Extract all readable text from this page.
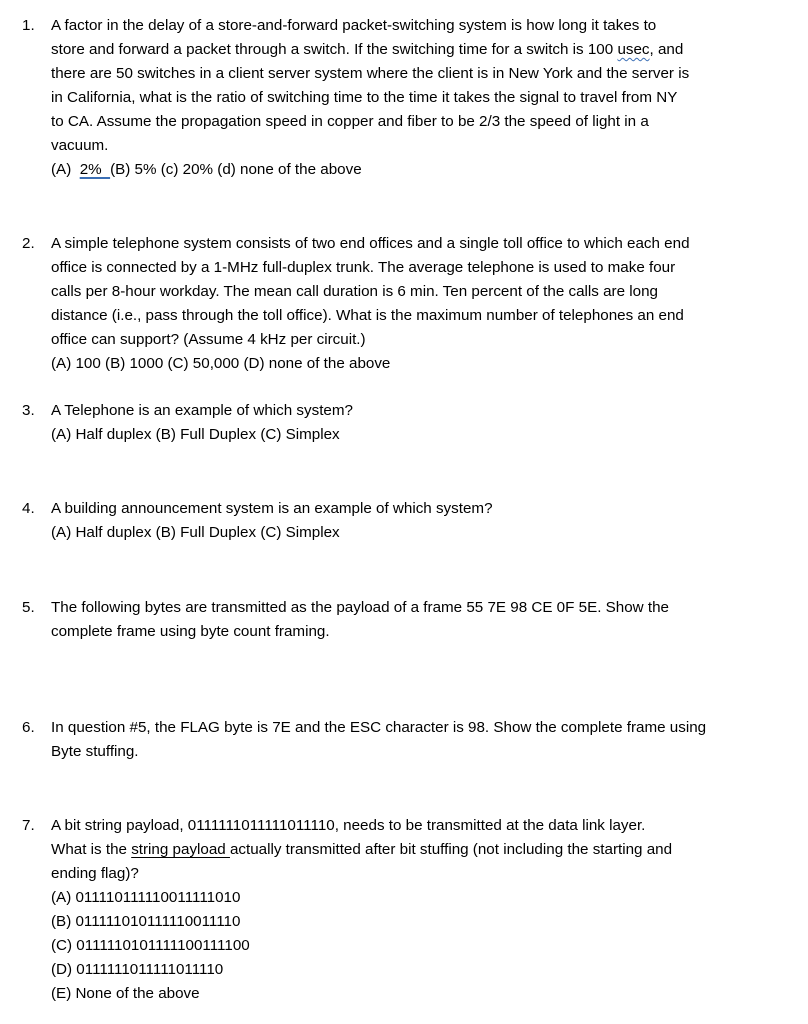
1.	A factor in the delay of a store-and-forward packet-switching system is how long it takes to
store and forward a packet through a switch. If the switching time for a switch is 100 usec, and
there are 50 switches in a client server system where the client is in New York and the server is
in California, what is the ratio of switching time to the time it takes the signal to travel from NY
to CA. Assume the propagation speed in copper and fiber to be 2/3 the speed of light in a
vacuum.
(A)  2%  (B) 5% (c) 20% (d) none of the above
2.	A simple telephone system consists of two end offices and a single toll office to which each end
office is connected by a 1-MHz full-duplex trunk. The average telephone is used to make four
calls per 8-hour workday. The mean call duration is 6 min. Ten percent of the calls are long
distance (i.e., pass through the toll office). What is the maximum number of telephones an end
office can support? (Assume 4 kHz per circuit.)
(A) 100 (B) 1000 (C) 50,000 (D) none of the above
3.	A Telephone is an example of which system?
(A) Half duplex (B) Full Duplex (C) Simplex
4.	A building announcement system is an example of which system?
(A) Half duplex (B) Full Duplex (C) Simplex
5.	The following bytes are transmitted as the payload of a frame 55 7E 98 CE 0F 5E. Show the
complete frame using byte count framing.
6.	In question #5, the FLAG byte is 7E and the ESC character is 98. Show the complete frame using
Byte stuffing.
7.	A bit string payload, 0111111011111011110, needs to be transmitted at the data link layer.
What is the string payload actually transmitted after bit stuffing (not including the starting and
ending flag)?
(A) 011110111110011111010
(B) 011111010111110011110
(C) 0111110101111100111100
(D) 0111111011111011110
(E) None of the above
